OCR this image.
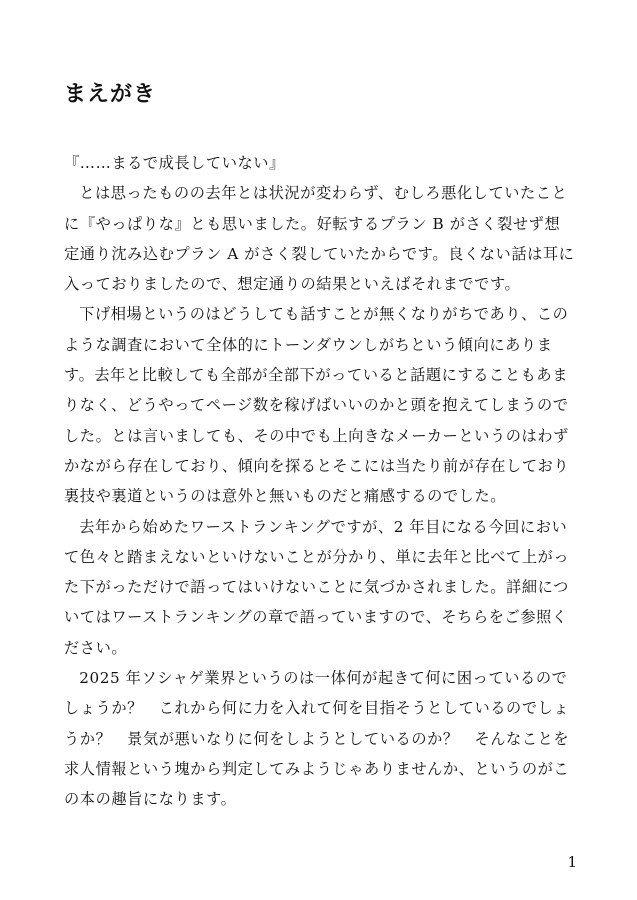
まえがき

『……まるで成長していない』

とは思ったものの去年とは状況が変わらず、むしろ悪化していたことに『やっぱりな』とも思いました。好転するプラン B がさく裂せず想定通り沈み込むプラン A がさく裂していたからです。良くない話は耳に入っておりましたので、想定通りの結果といえばそれまでです。

下げ相場というのはどうしても話すことが無くなりがちであり、このような調査において全体的にトーンダウンしがちという傾向にあります。去年と比較しても全部が全部下がっていると話題にすることもあまりなく、どうやってページ数を稼げばいいのかと頭を抱えてしまうのでした。とは言いましても、その中でも上向きなメーカーというのはわずかながら存在しており、傾向を探るとそこには当たり前が存在しており裏技や裏道というのは意外と無いものだと痛感するのでした。

去年から始めたワーストランキングですが、2 年目になる今回において色々と踏まえないといけないことが分かり、単に去年と比べて上がった下がっただけで語ってはいけないことに気づかされました。詳細についてはワーストランキングの章で語っていますので、そちらをご参照ください。

2025 年ソシャゲ業界というのは一体何が起きて何に困っているのでしょうか？　これから何に力を入れて何を目指そうとしているのでしょうか？　景気が悪いなりに何をしようとしているのか？　そんなことを求人情報という塊から判定してみようじゃありませんか、というのがこの本の趣旨になります。

1
